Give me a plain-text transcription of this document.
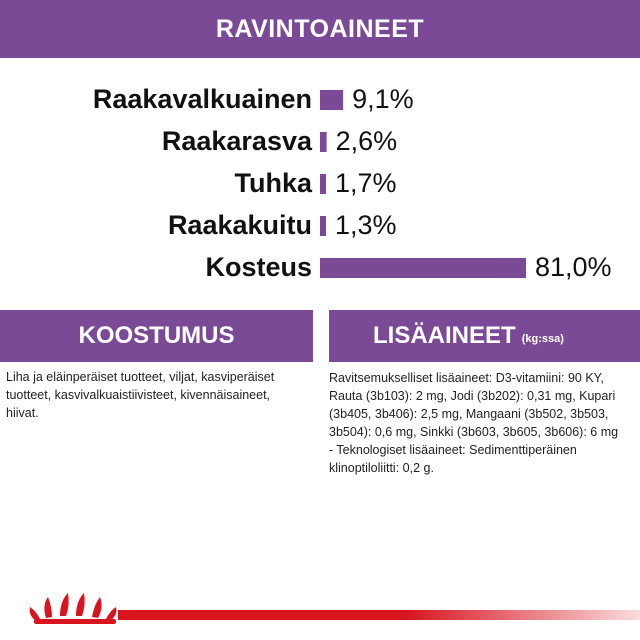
RAVINTOAINEET
Raakavalkuainen 9,1%
Raakarasva 2,6%
Tuhka 1,7%
Raakakuitu 1,3%
Kosteus	81,0%
KOOSTUMUS	LISÄAINEET (kg:ssa)
Liha ja eläinperäiset tuotteet, viljat, kasviperäiset
tuotteet, kasvivalkuaistiivisteet, kivennäisaineet, hiivat.
Ravitsemukselliset lisäaineet: D3-vitamiini: 90 KY,
Rauta (3b103): 2 mg, Jodi (3b202): 0,31 mg, Kupari
(3b405, 3b406): 2,5 mg, Mangaani (3b502, 3b503,
3b504): 0,6 mg, Sinkki (3b603, 3b605, 3b606): 6 mg
- Teknologiset lisäaineet: Sedimenttiperäinen
klinoptiloliitti: 0,2 g.
